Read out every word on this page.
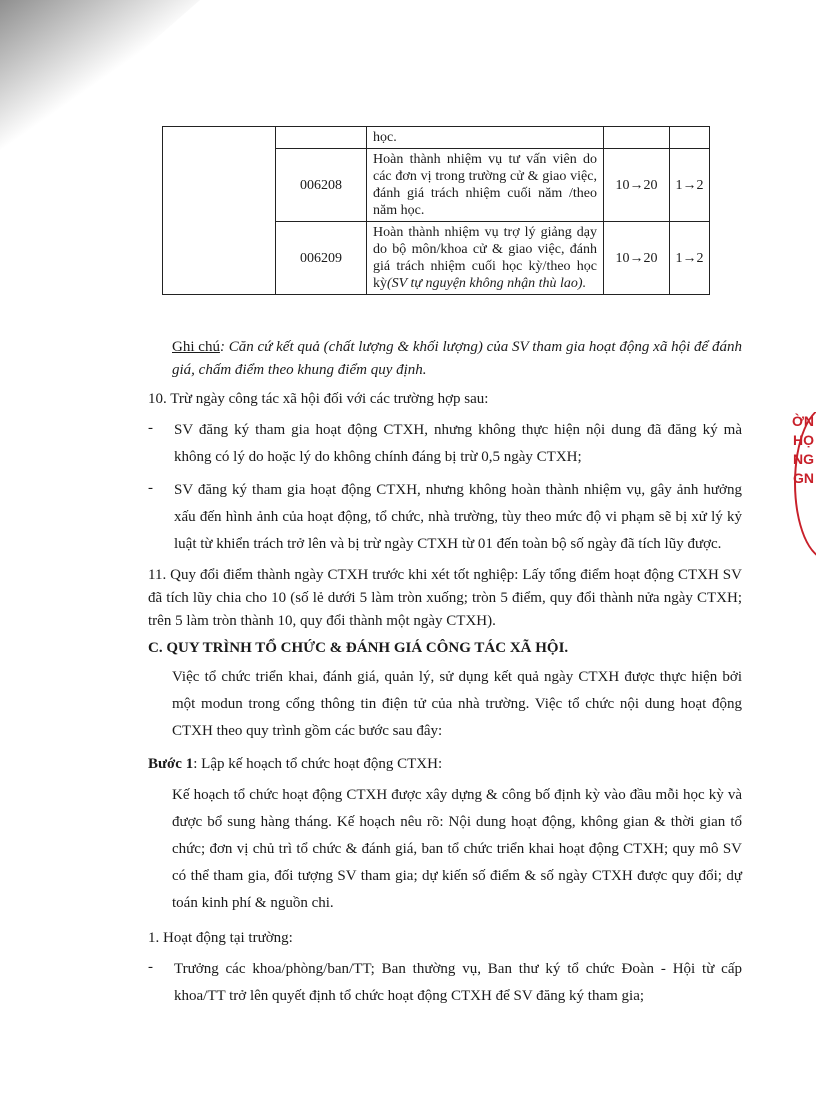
ỜN
HỌ
NG
GN
		học.		
	006208	Hoàn thành nhiệm vụ tư vấn viên do các đơn vị trong trường cử & giao việc, đánh giá trách nhiệm cuối năm /theo năm học.	10→20	1→2
	006209	Hoàn thành nhiệm vụ trợ lý giảng dạy do bộ môn/khoa cử & giao việc, đánh giá trách nhiệm cuối học kỳ/theo học kỳ(SV tự nguyện không nhận thù lao).	10→20	1→2

Ghi chú: Căn cứ kết quả (chất lượng & khối lượng) của SV tham gia hoạt động xã hội để đánh giá, chấm điểm theo khung điểm quy định.

10. Trừ ngày công tác xã hội đối với các trường hợp sau:

-	SV đăng ký tham gia hoạt động CTXH, nhưng không thực hiện nội dung đã đăng ký mà không có lý do hoặc lý do không chính đáng bị trừ 0,5 ngày CTXH;

-	SV đăng ký tham gia hoạt động CTXH, nhưng không hoàn thành nhiệm vụ, gây ảnh hưởng xấu đến hình ảnh của hoạt động, tổ chức, nhà trường, tùy theo mức độ vi phạm sẽ bị xử lý kỷ luật từ khiển trách trở lên và bị trừ ngày CTXH từ 01 đến toàn bộ số ngày đã tích lũy được.

11. Quy đổi điểm thành ngày CTXH trước khi xét tốt nghiệp: Lấy tổng điểm hoạt động CTXH SV đã tích lũy chia cho 10 (số lẻ dưới 5 làm tròn xuống; tròn 5 điểm, quy đổi thành nửa ngày CTXH; trên 5 làm tròn thành 10, quy đổi thành một ngày CTXH).

C. QUY TRÌNH TỔ CHỨC & ĐÁNH GIÁ CÔNG TÁC XÃ HỘI.

Việc tổ chức triển khai, đánh giá, quản lý, sử dụng kết quả ngày CTXH được thực hiện bởi một modun trong cổng thông tin điện tử của nhà trường. Việc tổ chức nội dung hoạt động CTXH theo quy trình gồm các bước sau đây:

Bước 1: Lập kế hoạch tổ chức hoạt động CTXH:

Kế hoạch tổ chức hoạt động CTXH được xây dựng & công bố định kỳ vào đầu mỗi học kỳ và được bổ sung hàng tháng. Kế hoạch nêu rõ: Nội dung hoạt động, không gian & thời gian tổ chức; đơn vị chủ trì tổ chức & đánh giá, ban tổ chức triển khai hoạt động CTXH; quy mô SV có thể tham gia, đối tượng SV tham gia; dự kiến số điểm & số ngày CTXH được quy đổi; dự toán kinh phí & nguồn chi.

1. Hoạt động tại trường:

-	Trưởng các khoa/phòng/ban/TT; Ban thường vụ, Ban thư ký tổ chức Đoàn - Hội từ cấp khoa/TT trở lên quyết định tổ chức hoạt động CTXH để SV đăng ký tham gia;
